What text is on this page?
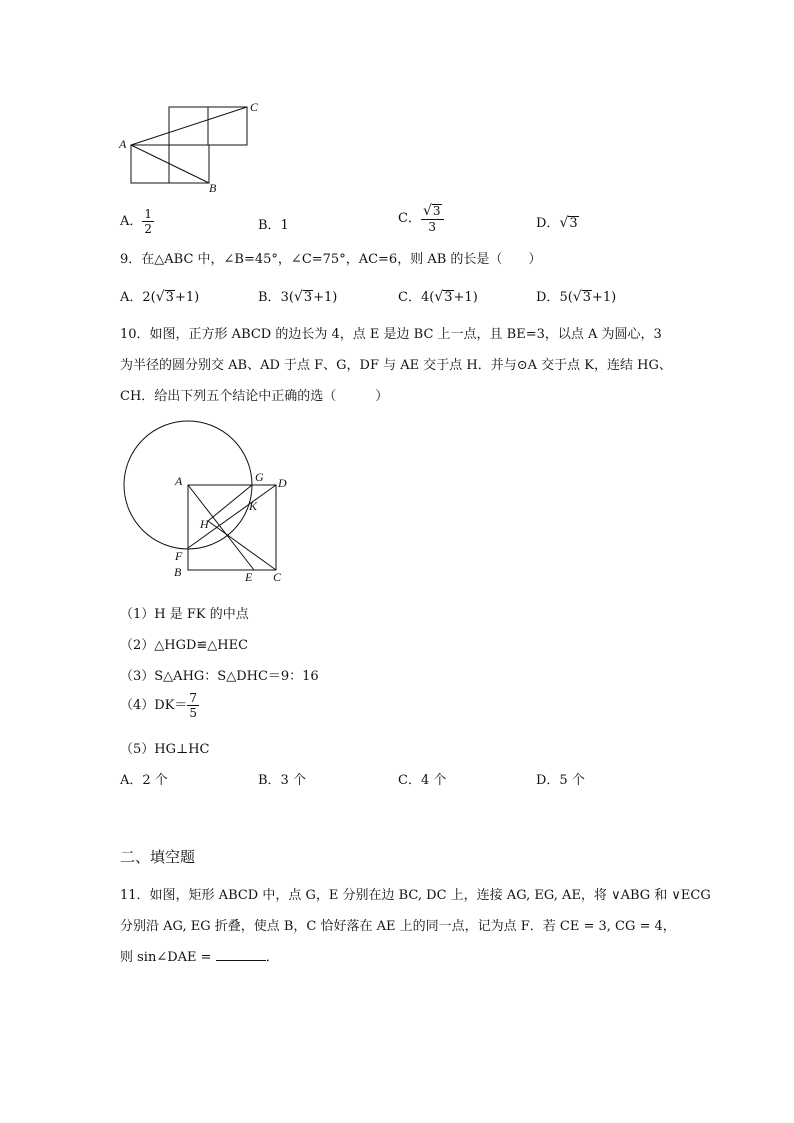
A
B
C
A． $\frac{1}{2}$	B．1	C． $\frac{√3}{3}$	D．√3
9．在△ABC 中，∠B=45°，∠C=75°，AC=6，则 AB 的长是（　　）
A．2(√3+1)	B．3(√3+1)	C．4(√3+1)	D．5(√3+1)
10．如图，正方形 ABCD 的边长为 4，点 E 是边 BC 上一点，且 BE=3，以点 A 为圆心，3
为半径的圆分别交 AB、AD 于点 F、G，DF 与 AE 交于点 H．并与⊙A 交于点 K，连结 HG、
CH．给出下列五个结论中正确的选（　　　）
A
B	C
D
E
F
G
H
K
（1）H 是 FK 的中点
（2）△HGD≌△HEC
（3）S△AHG：S△DHC＝9：16
$(4)DK= \frac{7}{5}$
（5）HG⊥HC
A．2 个	B．3 个	C．4 个	D．5 个
二、填空题
11．如图，矩形 ABCD 中，点 G，E 分别在边 BC, DC 上，连接 AG, EG, AE，将 ∨ABG 和 ∨ECG
分别沿 AG, EG 折叠，使点 B，C 恰好落在 AE 上的同一点，记为点 F．若 CE = 3, CG = 4，
则 sin∠DAE =	．
